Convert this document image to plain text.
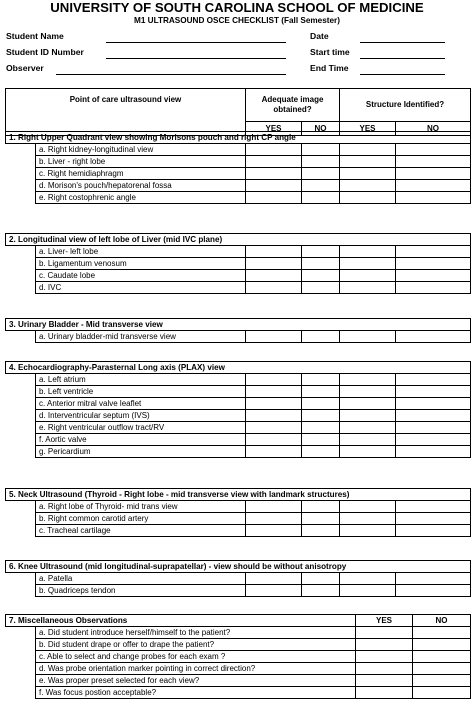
UNIVERSITY OF SOUTH CAROLINA SCHOOL OF MEDICINE
M1 ULTRASOUND OSCE CHECKLIST (Fall Semester)
Student Name
Student ID Number
Observer
Date
Start time
End Time
Point of care ultrasound view	Adequate image obtained?		Structure Identified?	
	YES	NO	YES	NO
1. Right Upper Quadrant view showing Morisons pouch and right CP angle					
	a. Right kidney-longitudinal view				
	b. Liver - right lobe				
	c. Right hemidiaphragm				
	d. Morison's pouch/hepatorenal fossa				
	e. Right costophrenic angle				
2. Longitudinal view of left lobe of Liver (mid IVC plane)					
	a. Liver- left lobe				
	b. Ligamentum venosum				
	c. Caudate lobe				
	d. IVC				
3. Urinary Bladder - Mid transverse view
	a. Urinary bladder-mid transverse view				
4. Echocardiography-Parasternal Long axis (PLAX) view					
	a. Left atrium				
	b. Left ventricle				
	c. Anterior mitral valve leaflet				
	d. Interventricular septum (IVS)				
	e. Right ventricular outflow tract/RV				
	f. Aortic valve				
	g. Pericardium				
5. Neck Ultrasound (Thyroid - Right lobe - mid transverse view with landmark structures)					
	a. Right lobe of Thyroid- mid trans view				
	b. Right common carotid artery				
	c. Tracheal cartilage				
6. Knee Ultrasound (mid longitudinal-suprapatellar) - view should be without anisotropy					
	a. Patella				
	b. Quadriceps tendon				
7. Miscellaneous Observations		YES	NO
	a. Did student introduce herself/himself to the patient?		
	b. Did student drape or offer to drape the patient?		
	c. Able to select and change probes for each exam ?		
	d. Was probe orientation marker pointing in correct direction?		
	e. Was proper preset selected for each view?		
	f. Was focus postion acceptable?		
